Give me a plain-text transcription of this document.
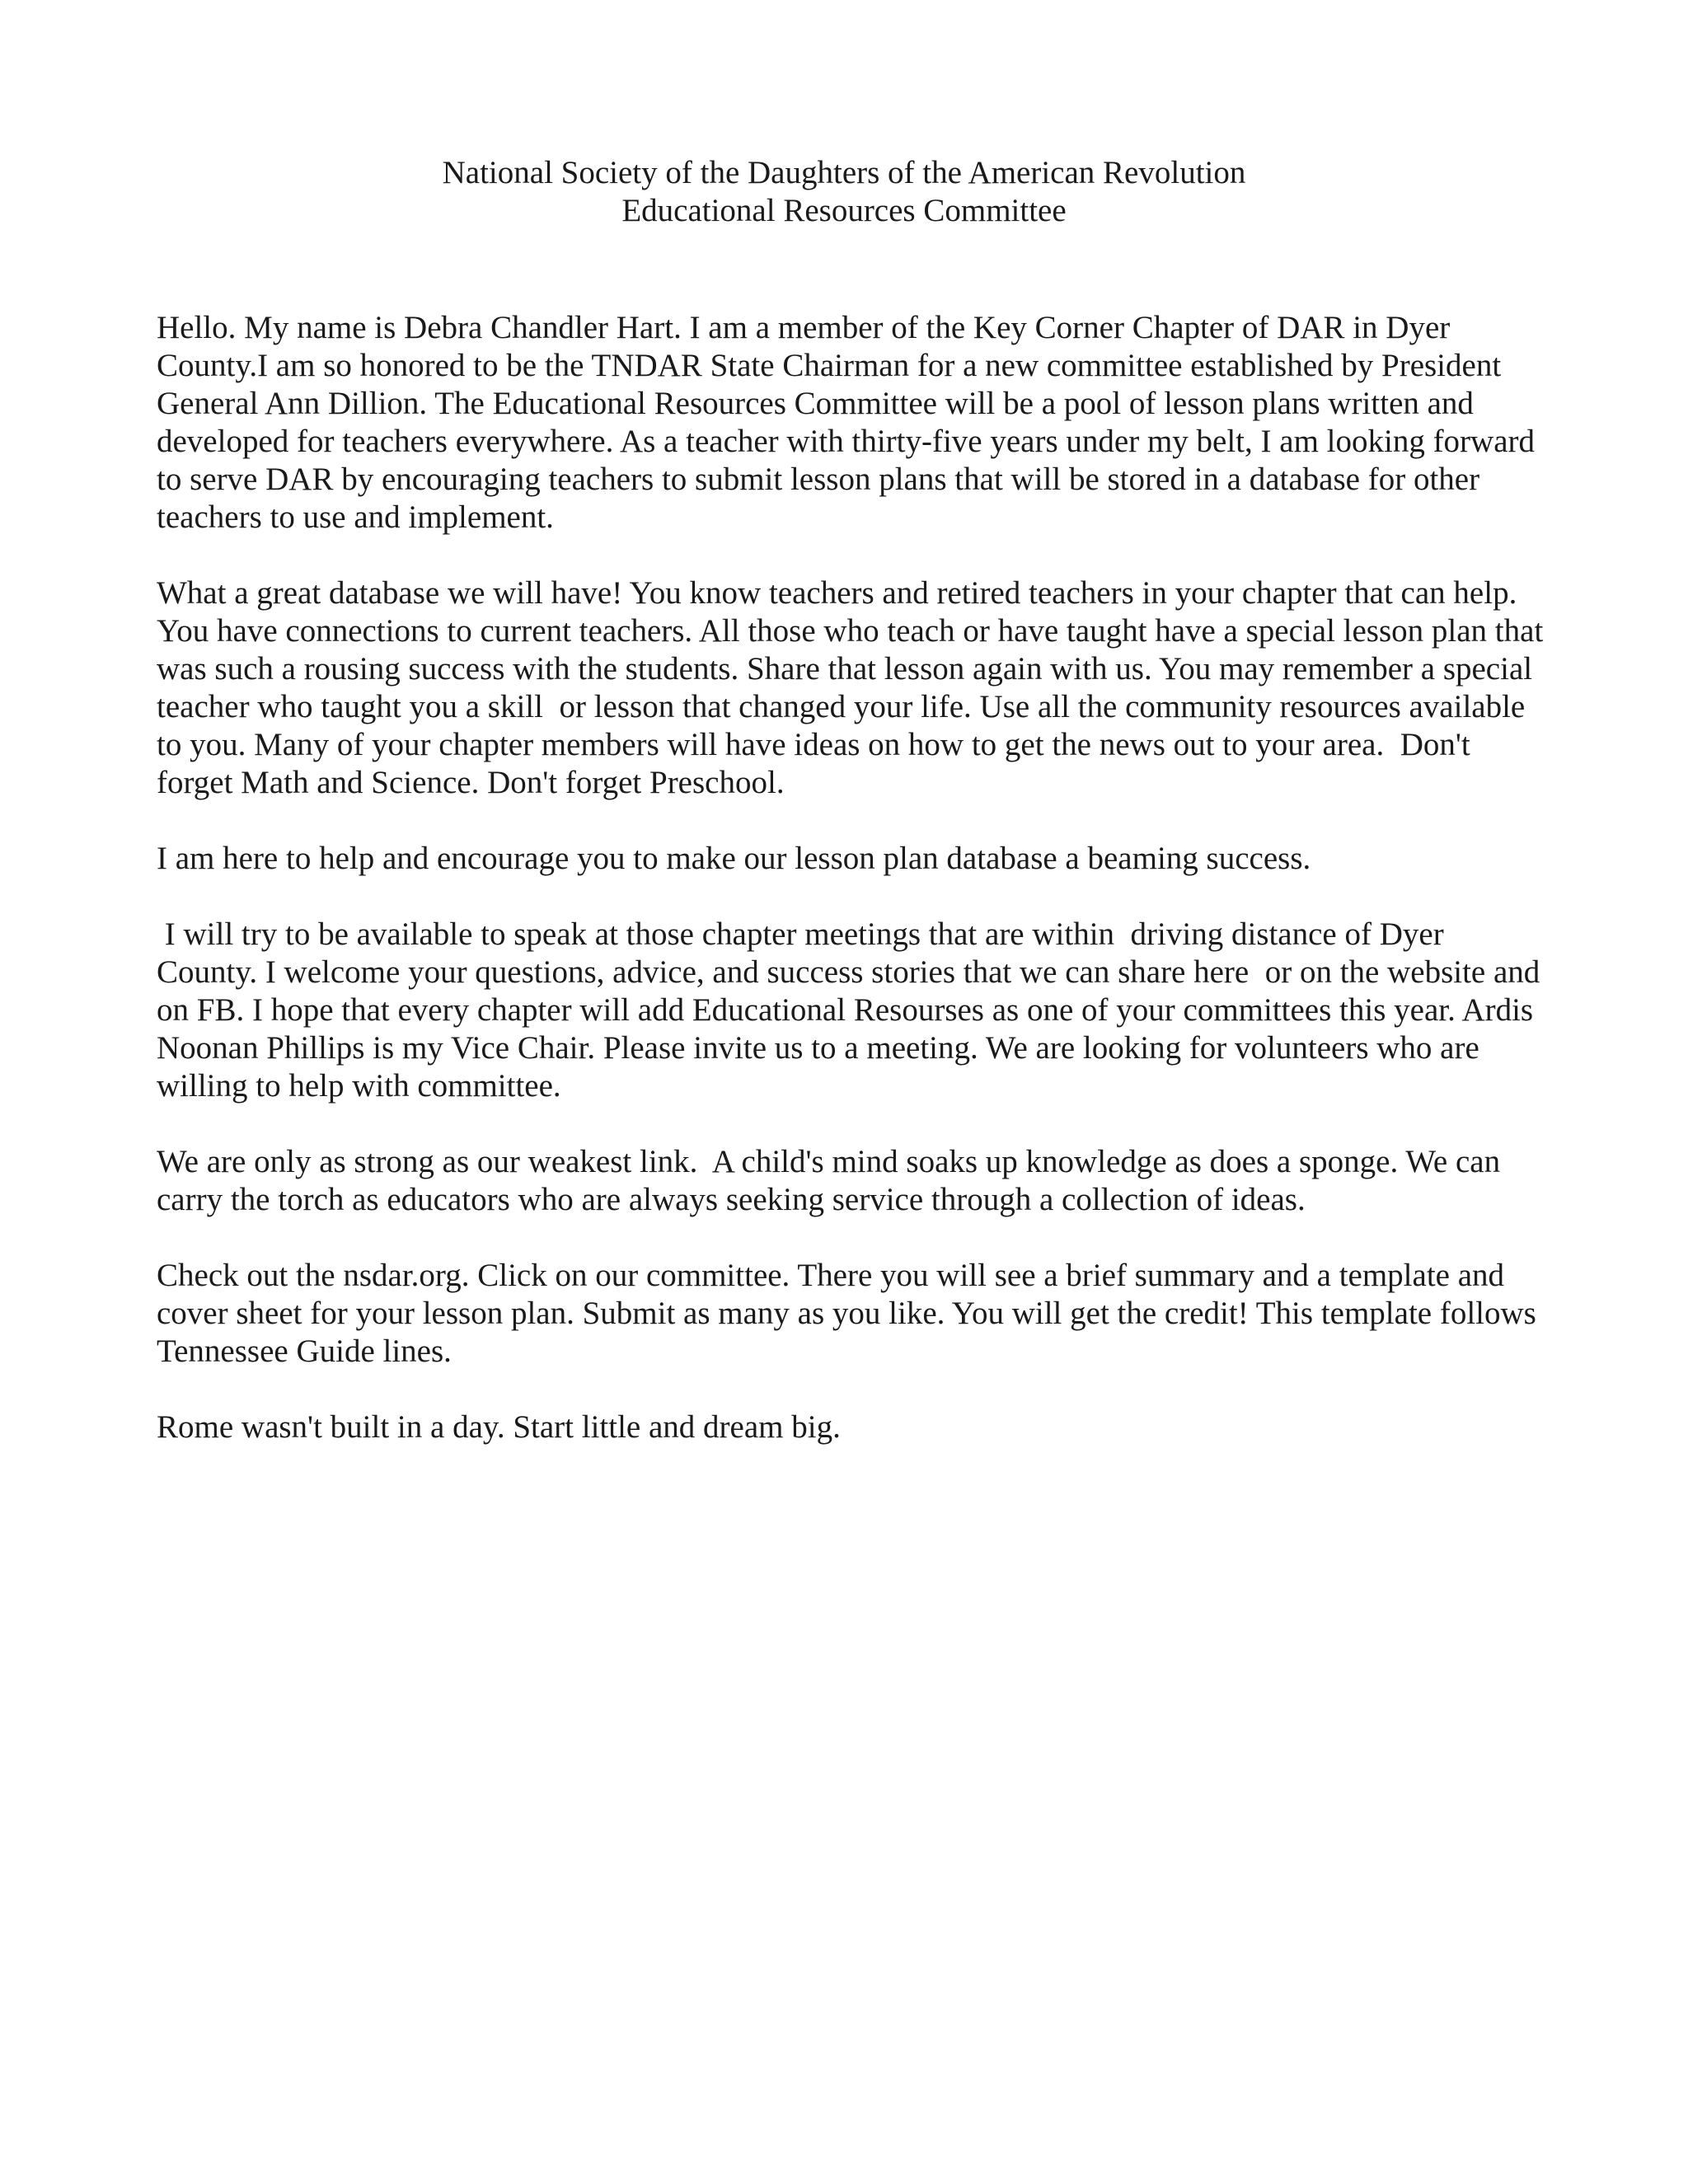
National Society of the Daughters of the American Revolution
Educational Resources Committee

Hello. My name is Debra Chandler Hart. I am a member of the Key Corner Chapter of DAR in Dyer County.I am so honored to be the TNDAR State Chairman for a new committee established by President General Ann Dillion. The Educational Resources Committee will be a pool of lesson plans written and developed for teachers everywhere. As a teacher with thirty-five years under my belt, I am looking forward to serve DAR by encouraging teachers to submit lesson plans that will be stored in a database for other teachers to use and implement.

What a great database we will have! You know teachers and retired teachers in your chapter that can help. You have connections to current teachers. All those who teach or have taught have a special lesson plan that was such a rousing success with the students. Share that lesson again with us. You may remember a special teacher who taught you a skill  or lesson that changed your life. Use all the community resources available to you. Many of your chapter members will have ideas on how to get the news out to your area.  Don't forget Math and Science. Don't forget Preschool.

I am here to help and encourage you to make our lesson plan database a beaming success.

I will try to be available to speak at those chapter meetings that are within  driving distance of Dyer County. I welcome your questions, advice, and success stories that we can share here  or on the website and on FB. I hope that every chapter will add Educational Resourses as one of your committees this year. Ardis Noonan Phillips is my Vice Chair. Please invite us to a meeting. We are looking for volunteers who are willing to help with committee.

We are only as strong as our weakest link.  A child's mind soaks up knowledge as does a sponge. We can carry the torch as educators who are always seeking service through a collection of ideas.

Check out the nsdar.org. Click on our committee. There you will see a brief summary and a template and cover sheet for your lesson plan. Submit as many as you like. You will get the credit! This template follows Tennessee Guide lines.

Rome wasn't built in a day. Start little and dream big.
